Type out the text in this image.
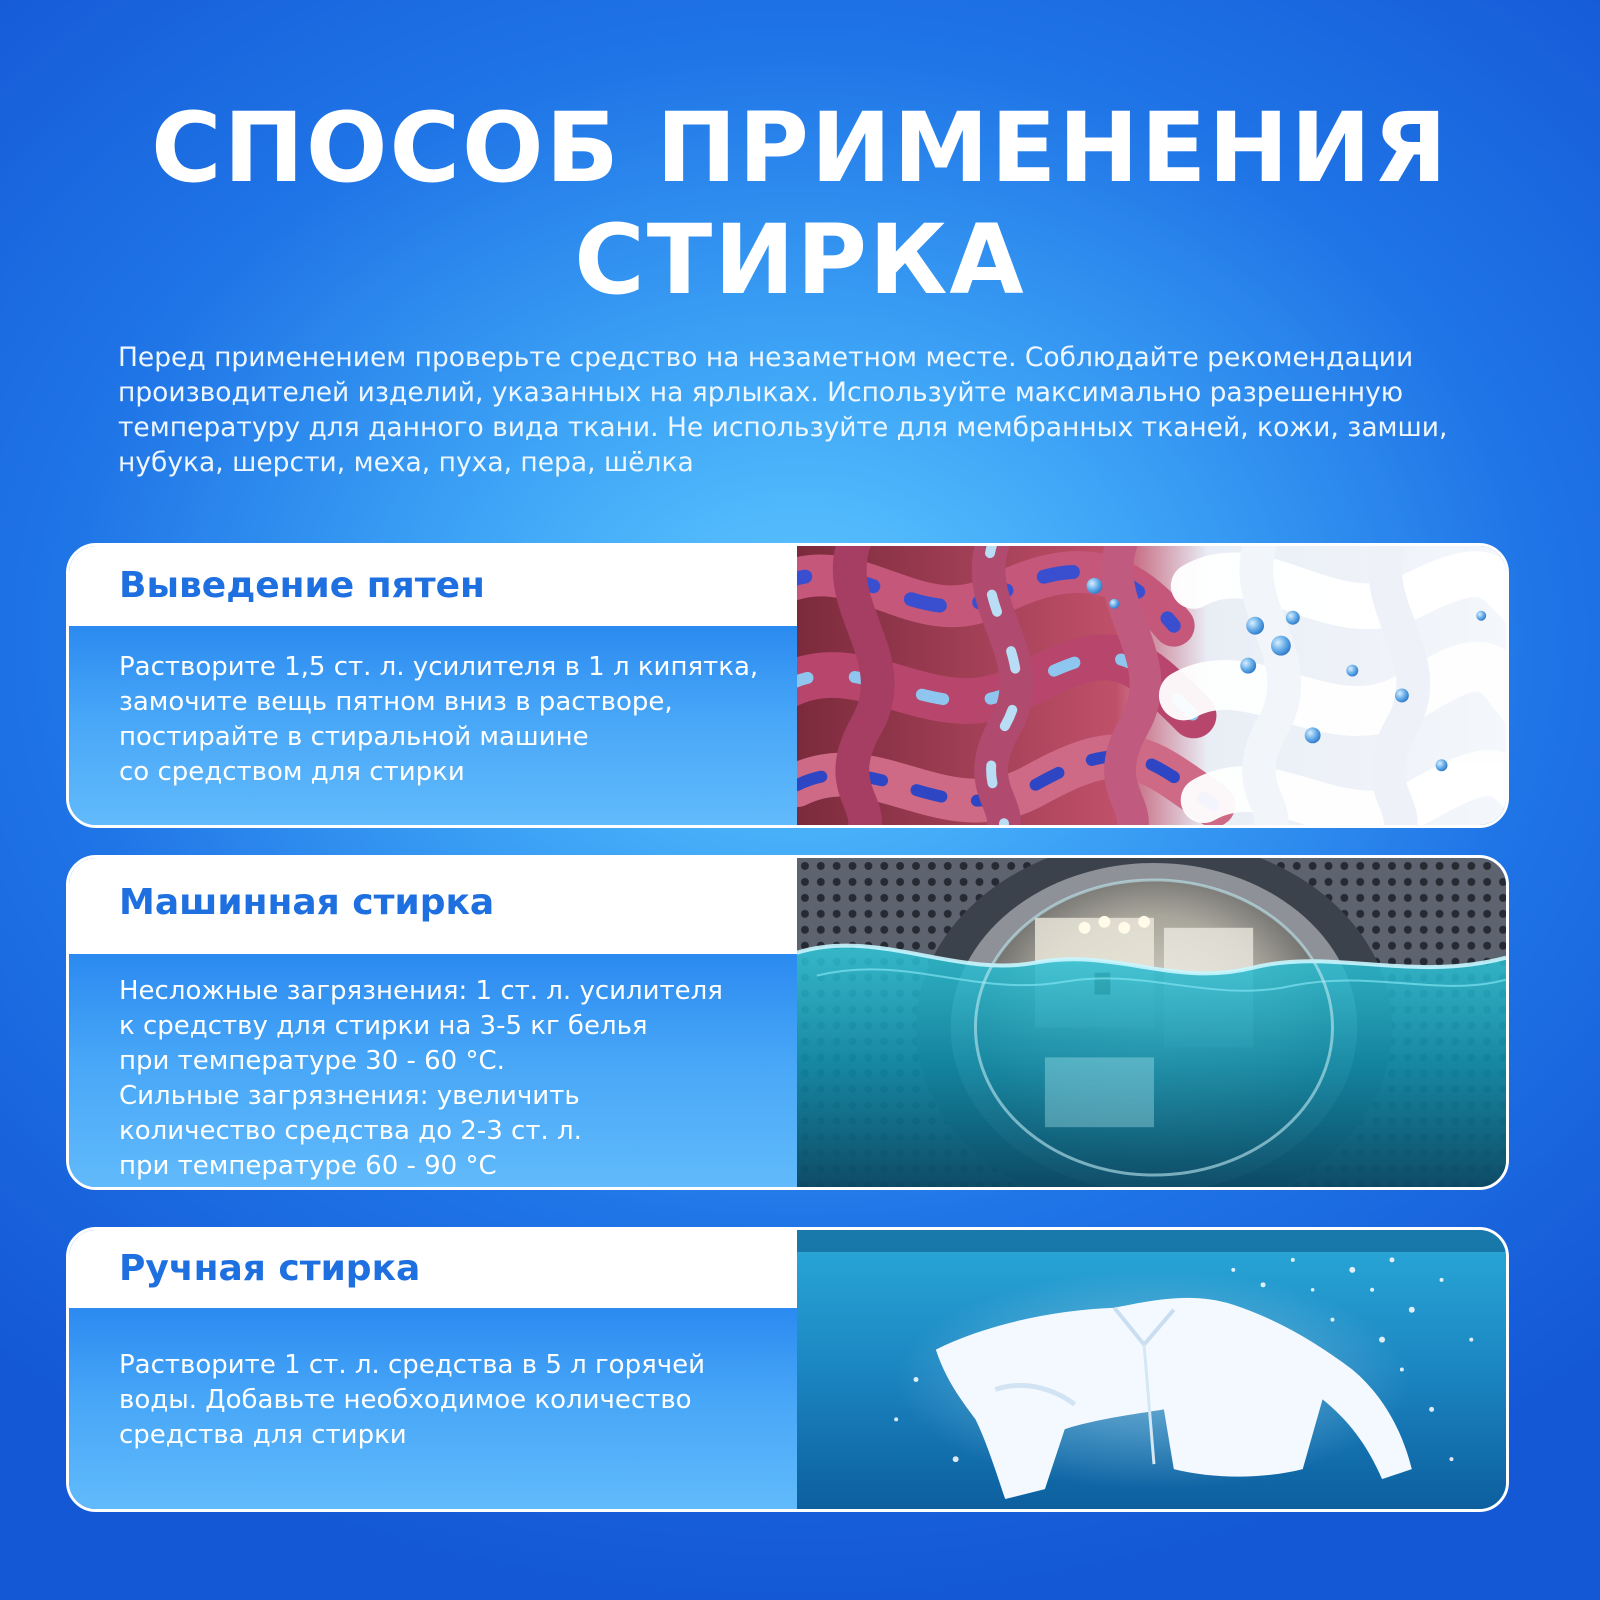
СПОСОБ ПРИМЕНЕНИЯ
СТИРКА

Перед применением проверьте средство на незаметном месте. Соблюдайте рекомендации производителей изделий, указанных на ярлыках. Используйте максимально разрешенную температуру для данного вида ткани. Не используйте для мембранных тканей, кожи, замши, нубука, шерсти, меха, пуха, пера, шёлка

Выведение пятен

Растворите 1,5 ст. л. усилителя в 1 л кипятка,
замочите вещь пятном вниз в растворе,
постирайте в стиральной машине
со средством для стирки

Машинная стирка

Несложные загрязнения: 1 ст. л. усилителя
к средству для стирки на 3-5 кг белья
при температуре 30 - 60 °С.
Сильные загрязнения: увеличить
количество средства до 2-3 ст. л.
при температуре 60 - 90 °С

Ручная стирка

Растворите 1 ст. л. средства в 5 л горячей
воды. Добавьте необходимое количество
средства для стирки
